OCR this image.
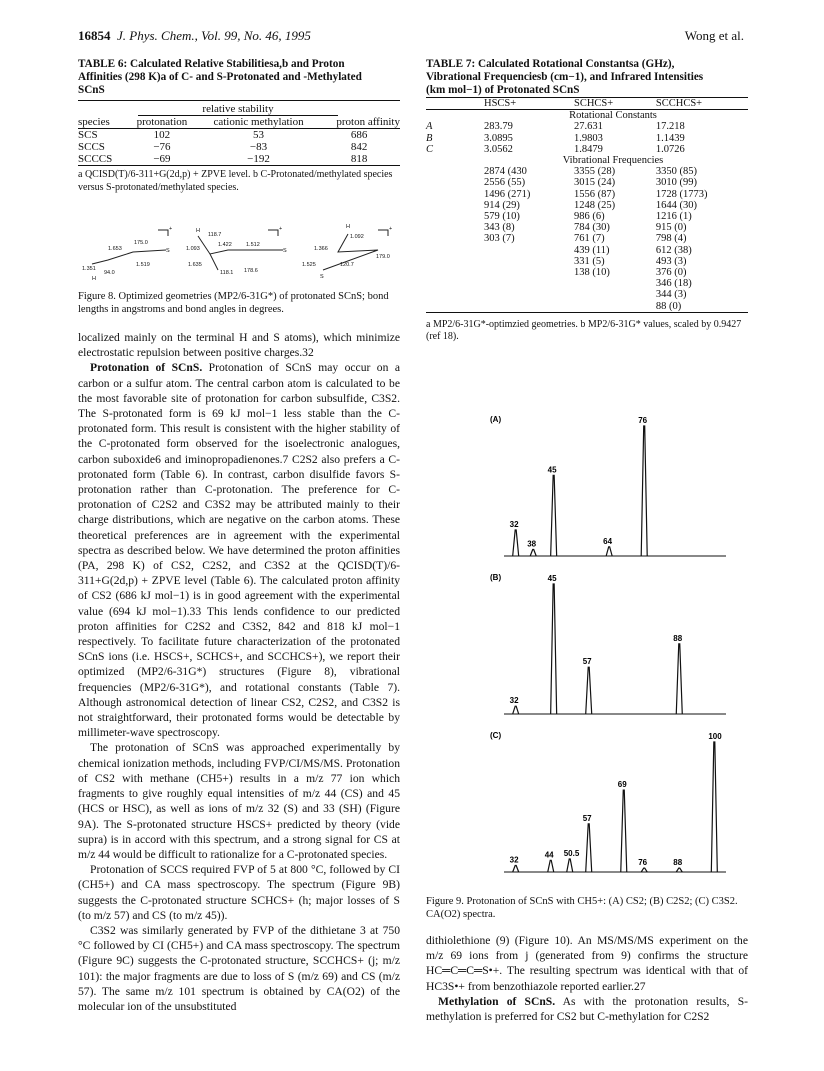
16854 J. Phys. Chem., Vol. 99, No. 46, 1995	Wong et al.
TABLE 6: Calculated Relative Stabilitiesa,b and Proton
Affinities (298 K)a of C- and S-Protonated and -Methylated
SCnS
relative stability
species	protonation	cationic methylation	proton affinity
SCS	102	53	686
SCCS	−76	−83	842
SCCCS	−69	−192	818
a QCISD(T)/6-311+G(2d,p) + ZPVE level. b C-Protonated/methylated species versus S-protonated/methylated species.
1.653
175.0
1.351
1.519
94.0
H
S
+	H
118.7
1.093
1.422	1.512
1.635
118.1 178.6
S
+	H
1.092
1.366
179.0
1.525	120.7
S
+
Figure 8. Optimized geometries (MP2/6-31G*) of protonated SCnS; bond lengths in angstroms and bond angles in degrees.

localized mainly on the terminal H and S atoms), which minimize electrostatic repulsion between positive charges.32

Protonation of SCnS. Protonation of SCnS may occur on a carbon or a sulfur atom. The central carbon atom is calculated to be the most favorable site of protonation for carbon subsulfide, C3S2. The S-protonated form is 69 kJ mol−1 less stable than the C-protonated form. This result is consistent with the higher stability of the C-protonated form observed for the isoelectronic analogues, carbon suboxide6 and iminopropadienones.7 C2S2 also prefers a C-protonated form (Table 6). In contrast, carbon disulfide favors S-protonation rather than C-protonation. The preference for C-protonation of C2S2 and C3S2 may be attributed mainly to their charge distributions, which are negative on the carbon atoms. These theoretical preferences are in agreement with the experimental spectra as described below. We have determined the proton affinities (PA, 298 K) of CS2, C2S2, and C3S2 at the QCISD(T)/6-311+G(2d,p) + ZPVE level (Table 6). The calculated proton affinity of CS2 (686 kJ mol−1) is in good agreement with the experimental value (694 kJ mol−1).33 This lends confidence to our predicted proton affinities for C2S2 and C3S2, 842 and 818 kJ mol−1 respectively. To facilitate future characterization of the protonated SCnS ions (i.e. HSCS+, SCHCS+, and SCCHCS+), we report their optimized (MP2/6-31G*) structures (Figure 8), vibrational frequencies (MP2/6-31G*), and rotational constants (Table 7). Although astronomical detection of linear CS2, C2S2, and C3S2 is not straightforward, their protonated forms would be detectable by millimeter-wave spectroscopy.

The protonation of SCnS was approached experimentally by chemical ionization methods, including FVP/CI/MS/MS. Protonation of CS2 with methane (CH5+) results in a m/z 77 ion which fragments to give roughly equal intensities of m/z 44 (CS) and 45 (HCS or HSC), as well as ions of m/z 32 (S) and 33 (SH) (Figure 9A). The S-protonated structure HSCS+ predicted by theory (vide supra) is in accord with this spectrum, and a strong signal for CS at m/z 44 would be difficult to rationalize for a C-protonated species.

Protonation of SCCS required FVP of 5 at 800 °C, followed by CI (CH5+) and CA mass spectroscopy. The spectrum (Figure 9B) suggests the C-protonated structure SCHCS+ (h; major losses of S (to m/z 57) and CS (to m/z 45)).

C3S2 was similarly generated by FVP of the dithietane 3 at 750 °C followed by CI (CH5+) and CA mass spectroscopy. The spectrum (Figure 9C) suggests the C-protonated structure, SCCHCS+ (j; m/z 101): the major fragments are due to loss of S (m/z 69) and CS (m/z 57). The same m/z 101 spectrum is obtained by CA(O2) of the molecular ion of the unsubstituted

TABLE 7: Calculated Rotational Constantsa (GHz),
Vibrational Frequenciesb (cm−1), and Infrared Intensities
(km mol−1) of Protonated SCnS
	HSCS+	SCHCS+	SCCHCS+
	Rotational Constants		
A	283.79	27.631	17.218
B	3.0895	1.9803	1.1439
C	3.0562	1.8479	1.0726
	Vibrational Frequencies		
	2874 (430	3355 (28)	3350 (85)
	2556 (55)	3015 (24)	3010 (99)
	1496 (271)	1556 (87)	1728 (1773)
	914 (29)	1248 (25)	1644 (30)
	579 (10)	986 (6)	1216 (1)
	343 (8)	784 (30)	915 (0)
	303 (7)	761 (7)	798 (4)
		439 (11)	612 (38)
		331 (5)	493 (3)
		138 (10)	376 (0)
			346 (18)
			344 (3)
			88 (0)
a MP2/6-31G*-optimzied geometries. b MP2/6-31G* values, scaled by 0.9427 (ref 18).
(A)
32
38
45
64
76
(B)
32
45
57
88
(C)
32
44 50.5
57
69
76	88
100
Figure 9. Protonation of SCnS with CH5+: (A) CS2; (B) C2S2; (C) C3S2. CA(O2) spectra.

dithiolethione (9) (Figure 10). An MS/MS/MS experiment on the m/z 69 ions from j (generated from 9) confirms the structure HC═C═C═S•+. The resulting spectrum was identical with that of HC3S•+ from benzothiazole reported earlier.27

Methylation of SCnS. As with the protonation results, S-methylation is preferred for CS2 but C-methylation for C2S2
